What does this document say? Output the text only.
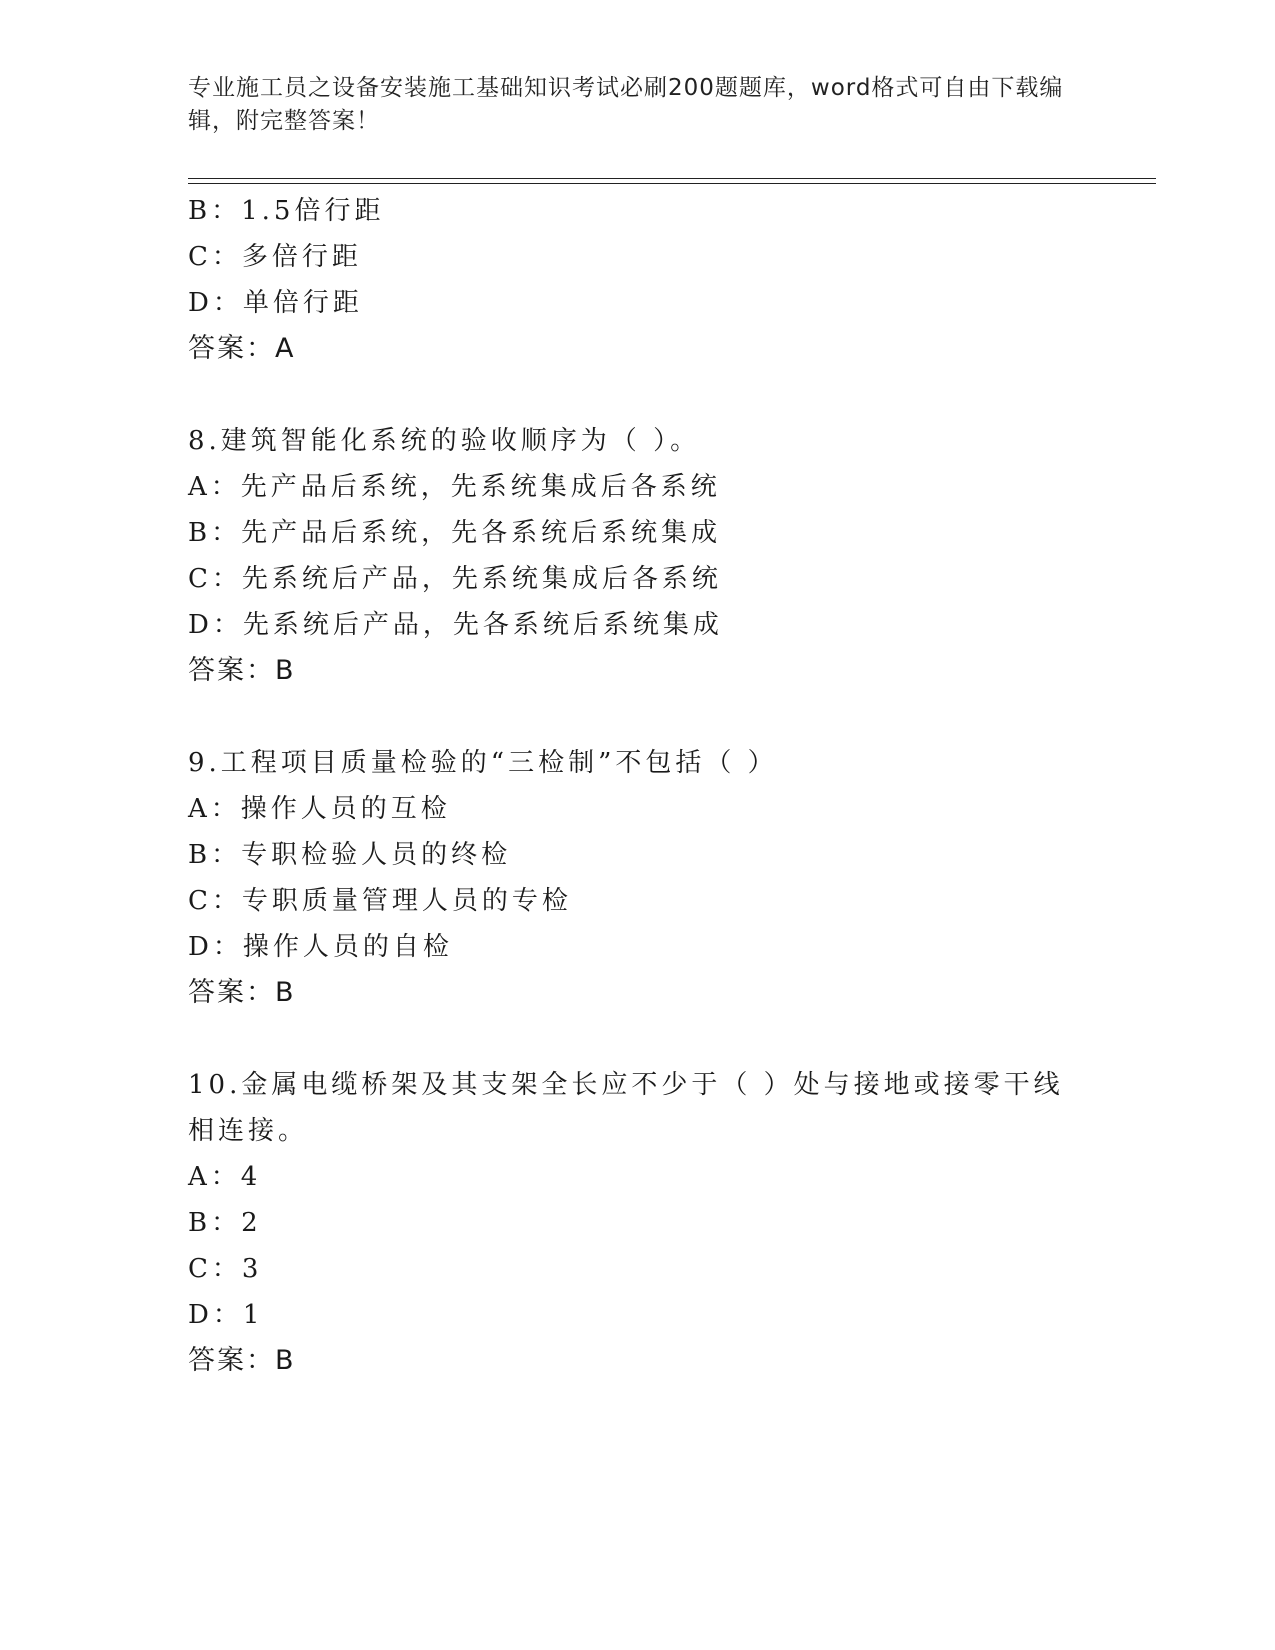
专业施工员之设备安装施工基础知识考试必刷200题题库，word格式可自由下载编辑，附完整答案！
B：1.5倍行距
C：多倍行距
D：单倍行距
答案：A
8.建筑智能化系统的验收顺序为（ ）。
A：先产品后系统，先系统集成后各系统
B：先产品后系统，先各系统后系统集成
C：先系统后产品，先系统集成后各系统
D：先系统后产品，先各系统后系统集成
答案：B
9.工程项目质量检验的“三检制”不包括（ ）
A：操作人员的互检
B：专职检验人员的终检
C：专职质量管理人员的专检
D：操作人员的自检
答案：B
10.金属电缆桥架及其支架全长应不少于（ ）处与接地或接零干线相连接。
A：4
B：2
C：3
D：1
答案：B
